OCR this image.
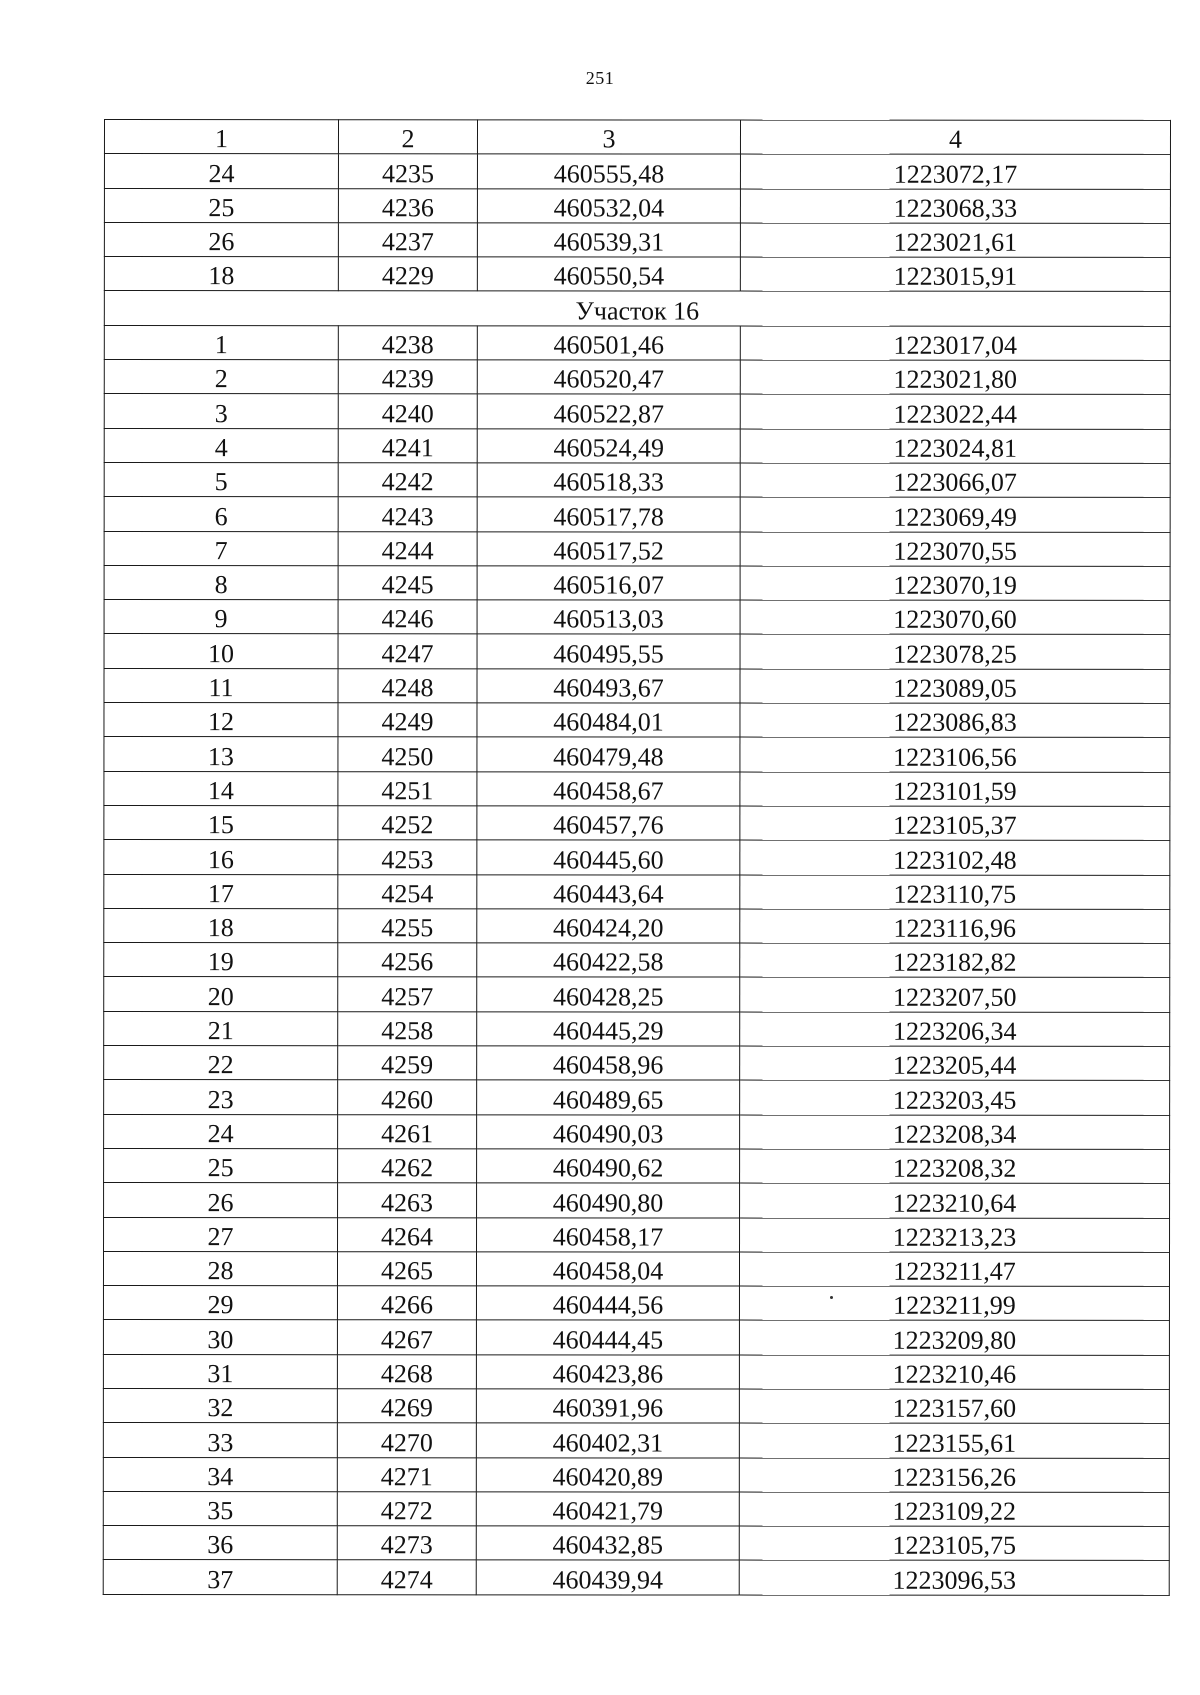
251
1	2	3	4
24	4235	460555,48	1223072,17
25	4236	460532,04	1223068,33
26	4237	460539,31	1223021,61
18	4229	460550,54	1223015,91
Участок 16			
1	4238	460501,46	1223017,04
2	4239	460520,47	1223021,80
3	4240	460522,87	1223022,44
4	4241	460524,49	1223024,81
5	4242	460518,33	1223066,07
6	4243	460517,78	1223069,49
7	4244	460517,52	1223070,55
8	4245	460516,07	1223070,19
9	4246	460513,03	1223070,60
10	4247	460495,55	1223078,25
11	4248	460493,67	1223089,05
12	4249	460484,01	1223086,83
13	4250	460479,48	1223106,56
14	4251	460458,67	1223101,59
15	4252	460457,76	1223105,37
16	4253	460445,60	1223102,48
17	4254	460443,64	1223110,75
18	4255	460424,20	1223116,96
19	4256	460422,58	1223182,82
20	4257	460428,25	1223207,50
21	4258	460445,29	1223206,34
22	4259	460458,96	1223205,44
23	4260	460489,65	1223203,45
24	4261	460490,03	1223208,34
25	4262	460490,62	1223208,32
26	4263	460490,80	1223210,64
27	4264	460458,17	1223213,23
28	4265	460458,04	1223211,47
29	4266	460444,56	1223211,99
30	4267	460444,45	1223209,80
31	4268	460423,86	1223210,46
32	4269	460391,96	1223157,60
33	4270	460402,31	1223155,61
34	4271	460420,89	1223156,26
35	4272	460421,79	1223109,22
36	4273	460432,85	1223105,75
37	4274	460439,94	1223096,53
